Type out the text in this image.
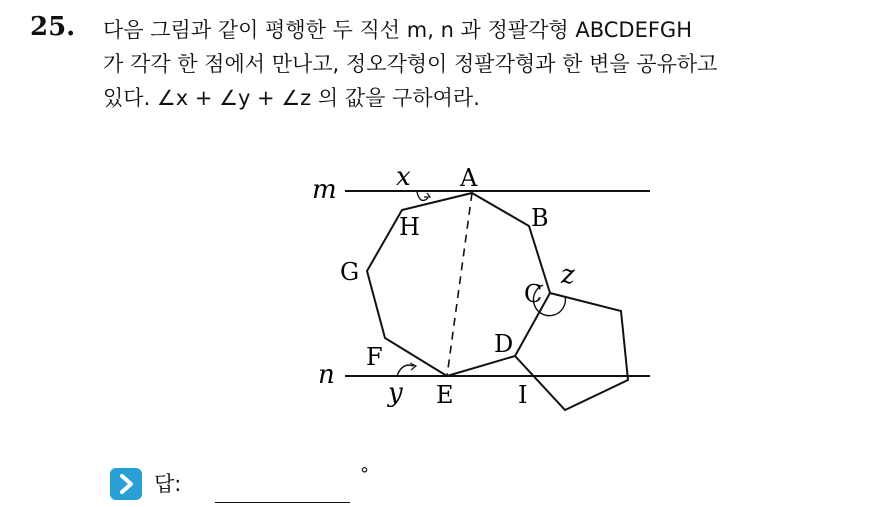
25. 다음 그림과 같이 평행한 두 직선 m, n 과 정팔각형 ABCDEFGH
가 각각 한 점에서 만나고, 정오각형이 정팔각형과 한 변을 공유하고
있다. ∠x + ∠y + ∠z 의 값을 구하여라.
m
n
A
B
C
D
E
F
G
H
I
x
y
z
답:	°
